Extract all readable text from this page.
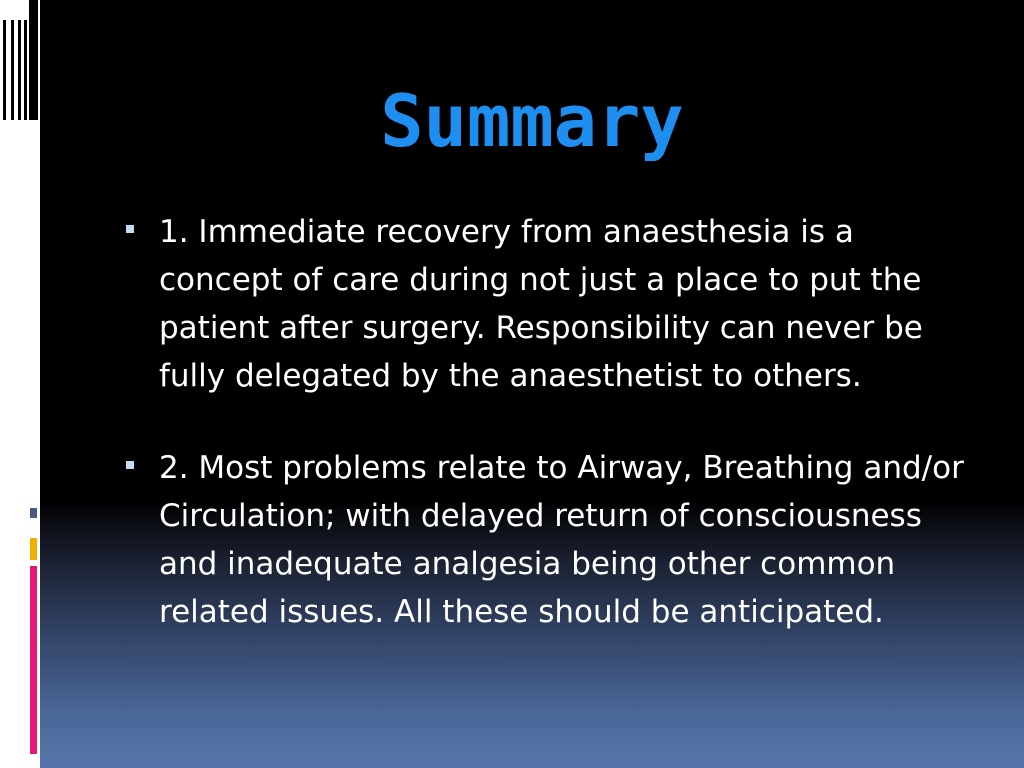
Summary
1. Immediate recovery from anaesthesia is a concept of care during not just a place to put the patient after surgery. Responsibility can never be fully delegated by the anaesthetist to others.
2. Most problems relate to Airway, Breathing and/or Circulation; with delayed return of consciousness and inadequate analgesia being other common related issues. All these should be anticipated.
